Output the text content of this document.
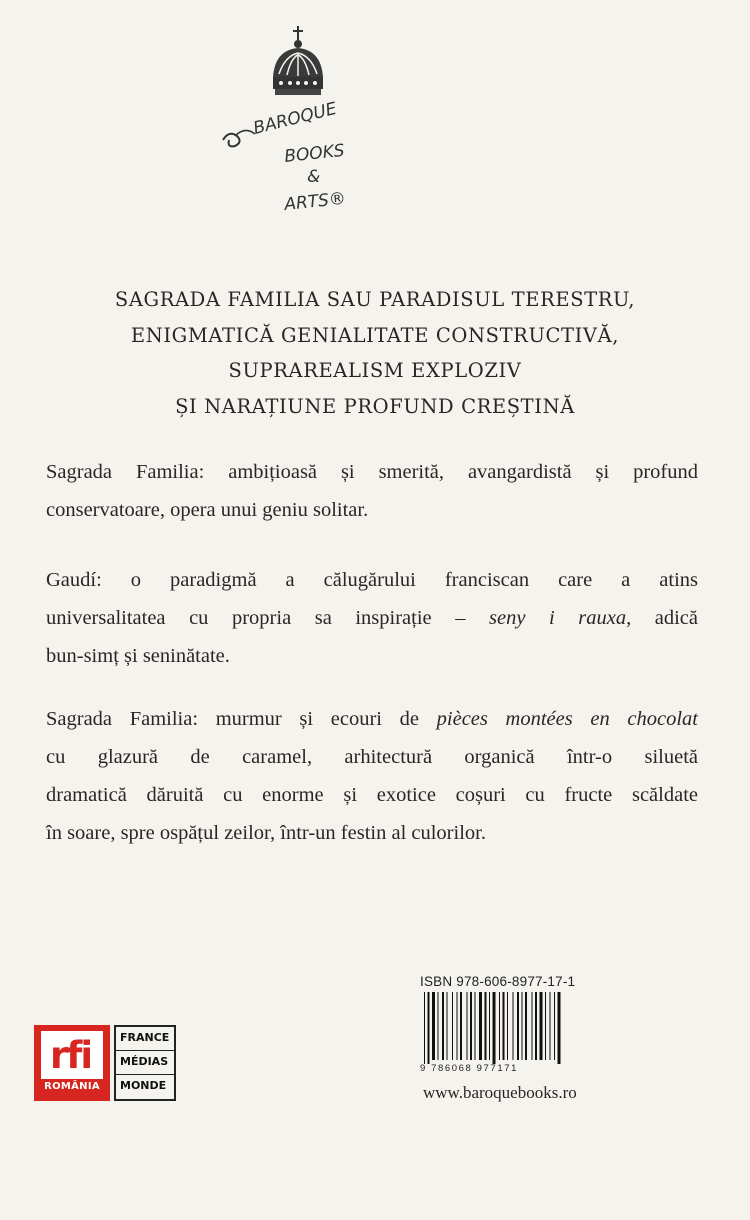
BAROQUE
BOOKS
&
ARTS®
SAGRADA FAMILIA SAU PARADISUL TERESTRU,
ENIGMATICĂ GENIALITATE CONSTRUCTIVĂ,
SUPRAREALISM EXPLOZIV
ȘI NARAȚIUNE PROFUND CREȘTINĂ
Sagrada Familia: ambițioasă și smerită, avangardistă și profund
conservatoare, opera unui geniu solitar.
Gaudí: o paradigmă a călugărului franciscan care a atins
universalitatea cu propria sa inspirație – seny i rauxa, adică
bun-simț și seninătate.
Sagrada Familia: murmur și ecouri de pièces montées en chocolat
cu glazură de caramel, arhitectură organică într-o siluetă
dramatică dăruită cu enorme și exotice coșuri cu fructe scăldate
în soare, spre ospățul zeilor, într-un festin al culorilor.
rfi
ROMÂNIA
FRANCE
MÉDIAS
MONDE
ISBN 978-606-8977-17-1
9 786068 977171
www.baroquebooks.ro
